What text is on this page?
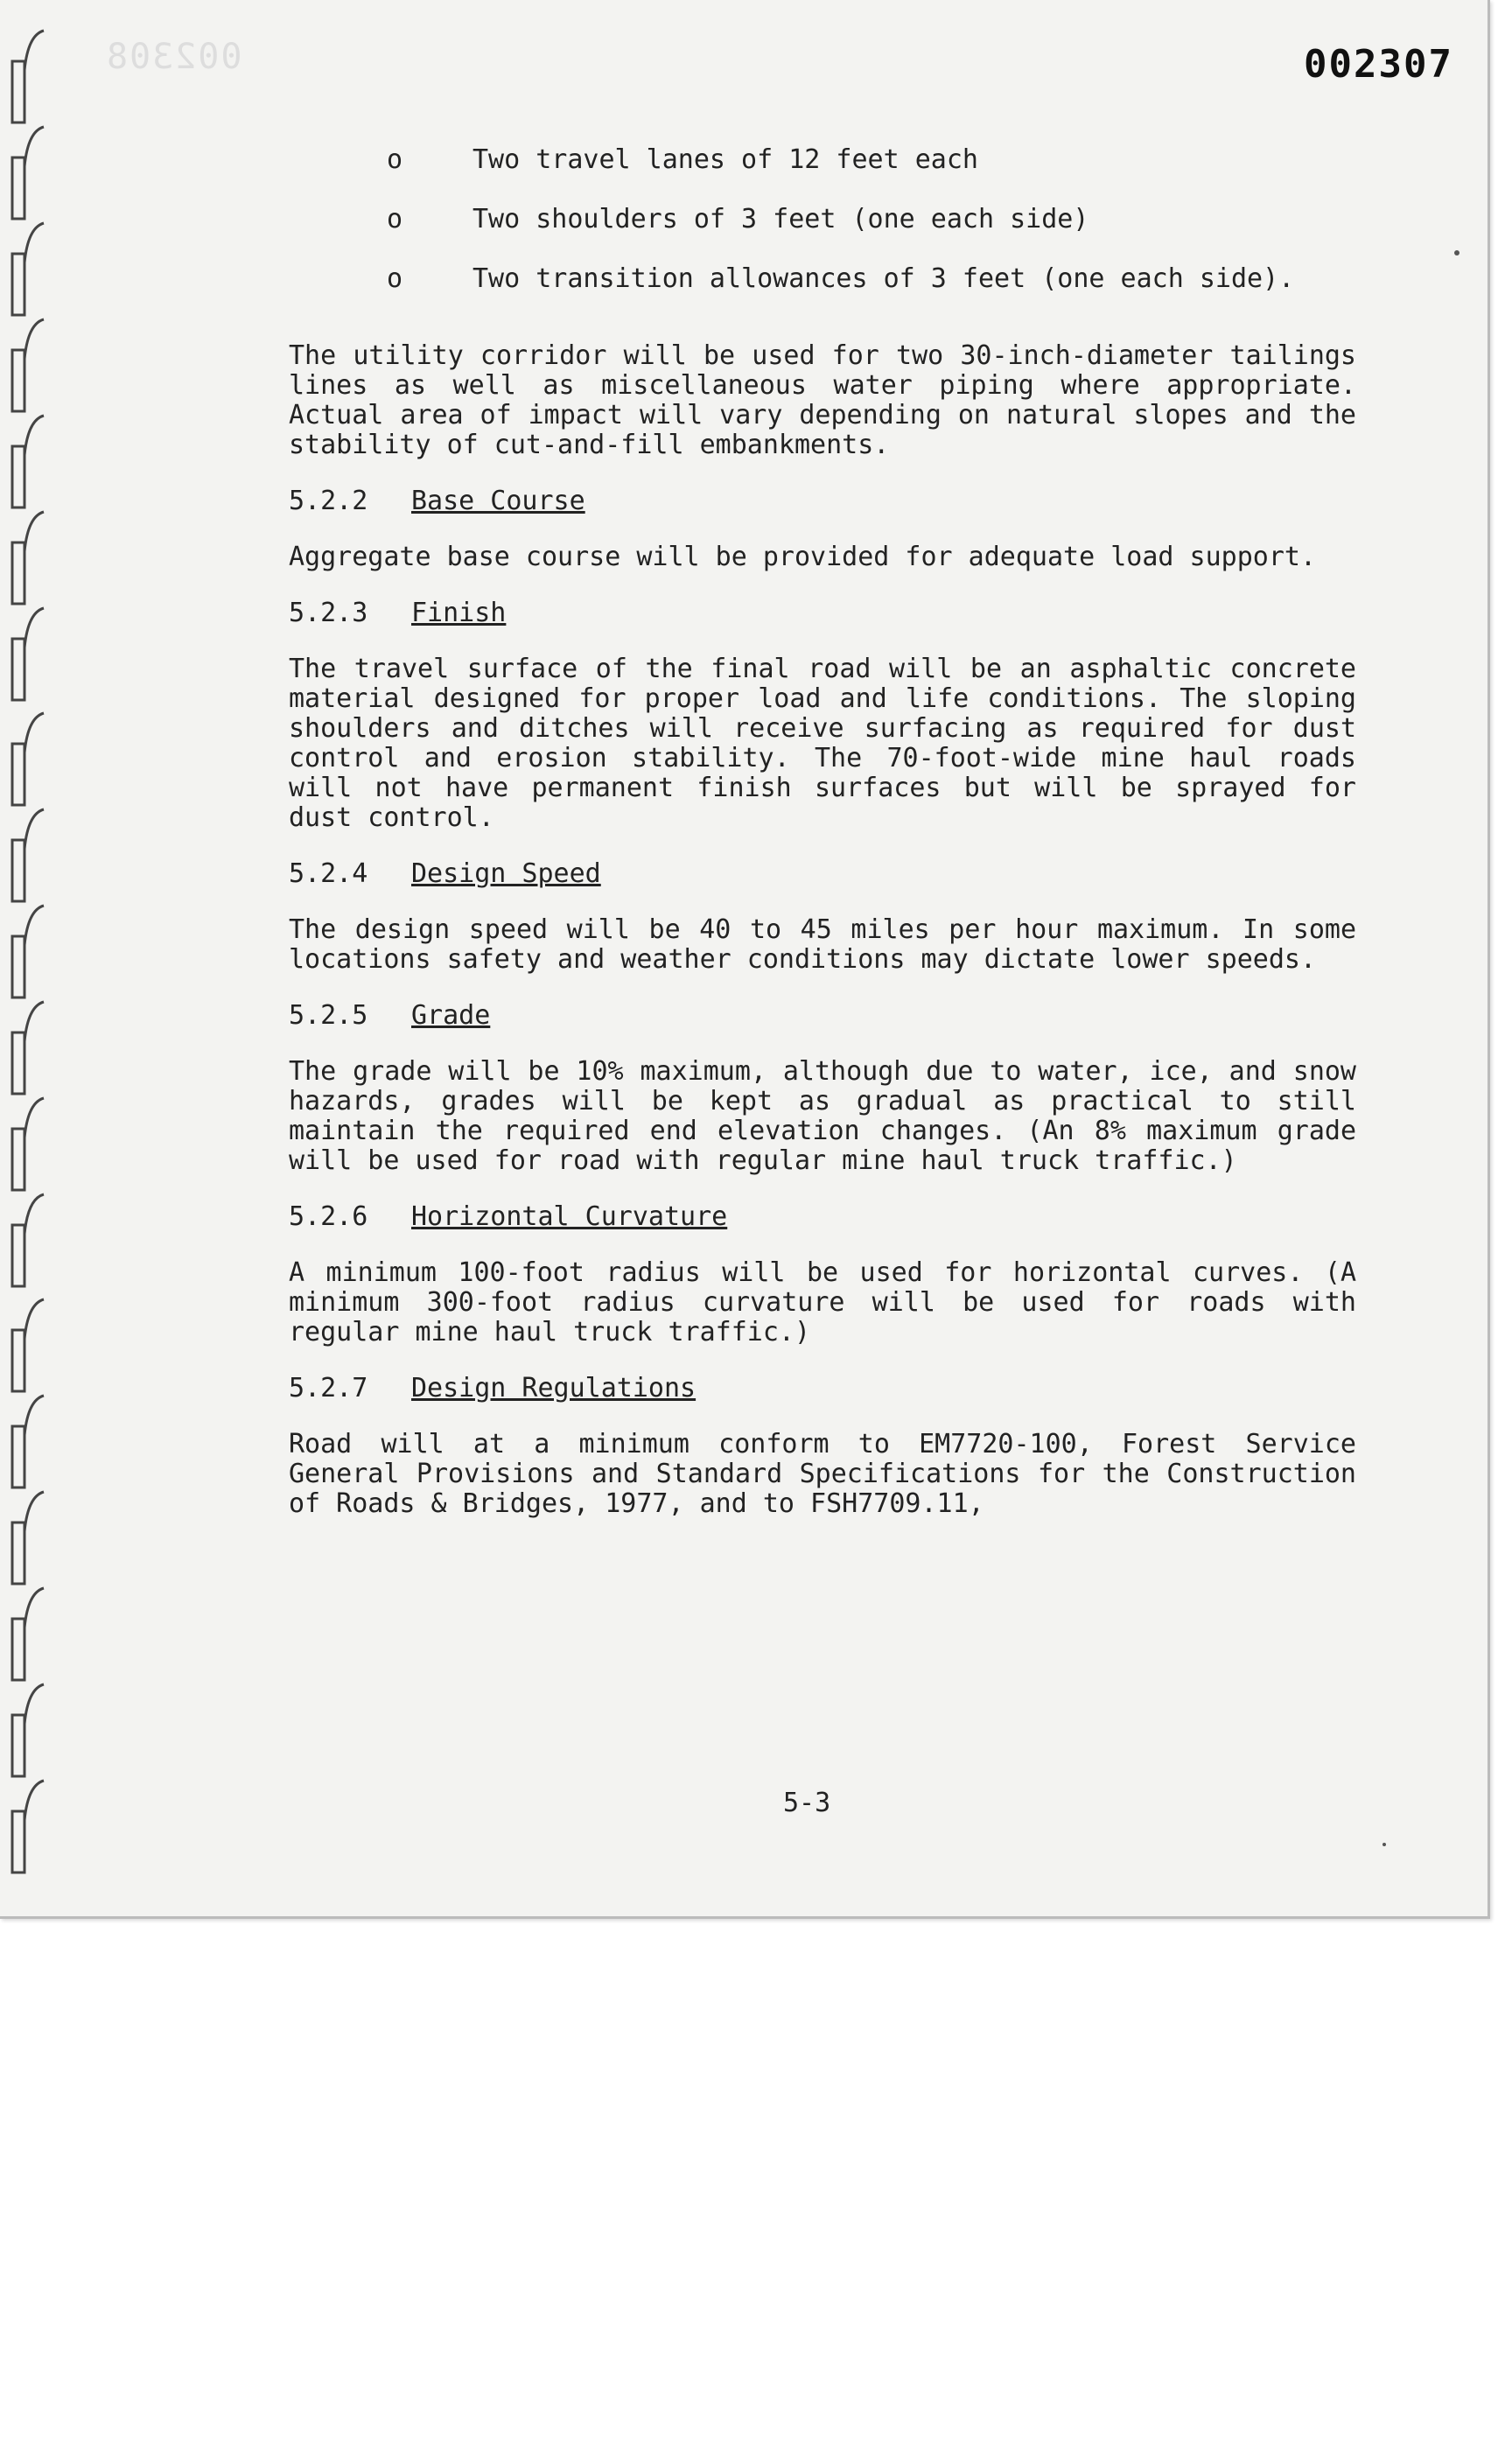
002308	002307
o	Two travel lanes of 12 feet each
o	Two shoulders of 3 feet (one each side)
o	Two transition allowances of 3 feet (one each side).

The utility corridor will be used for two 30-inch-diameter tailings lines as well as miscellaneous water piping where appropriate. Actual area of impact will vary depending on natural slopes and the stability of cut-and-fill embankments.

5.2.2 Base Course

Aggregate base course will be provided for adequate load support.

5.2.3 Finish

The travel surface of the final road will be an asphaltic concrete material designed for proper load and life conditions. The sloping shoulders and ditches will receive surfacing as required for dust control and erosion stability. The 70-foot-wide mine haul roads will not have permanent finish surfaces but will be sprayed for dust control.

5.2.4 Design Speed

The design speed will be 40 to 45 miles per hour maximum. In some locations safety and weather conditions may dictate lower speeds.

5.2.5 Grade

The grade will be 10% maximum, although due to water, ice, and snow hazards, grades will be kept as gradual as practical to still maintain the required end elevation changes. (An 8% maximum grade will be used for road with regular mine haul truck traffic.)

5.2.6 Horizontal Curvature

A minimum 100-foot radius will be used for horizontal curves. (A minimum 300-foot radius curvature will be used for roads with regular mine haul truck traffic.)

5.2.7 Design Regulations

Road will at a minimum conform to EM7720-100, Forest Service General Provisions and Standard Specifications for the Construction of Roads & Bridges, 1977, and to FSH7709.11,

5-3
